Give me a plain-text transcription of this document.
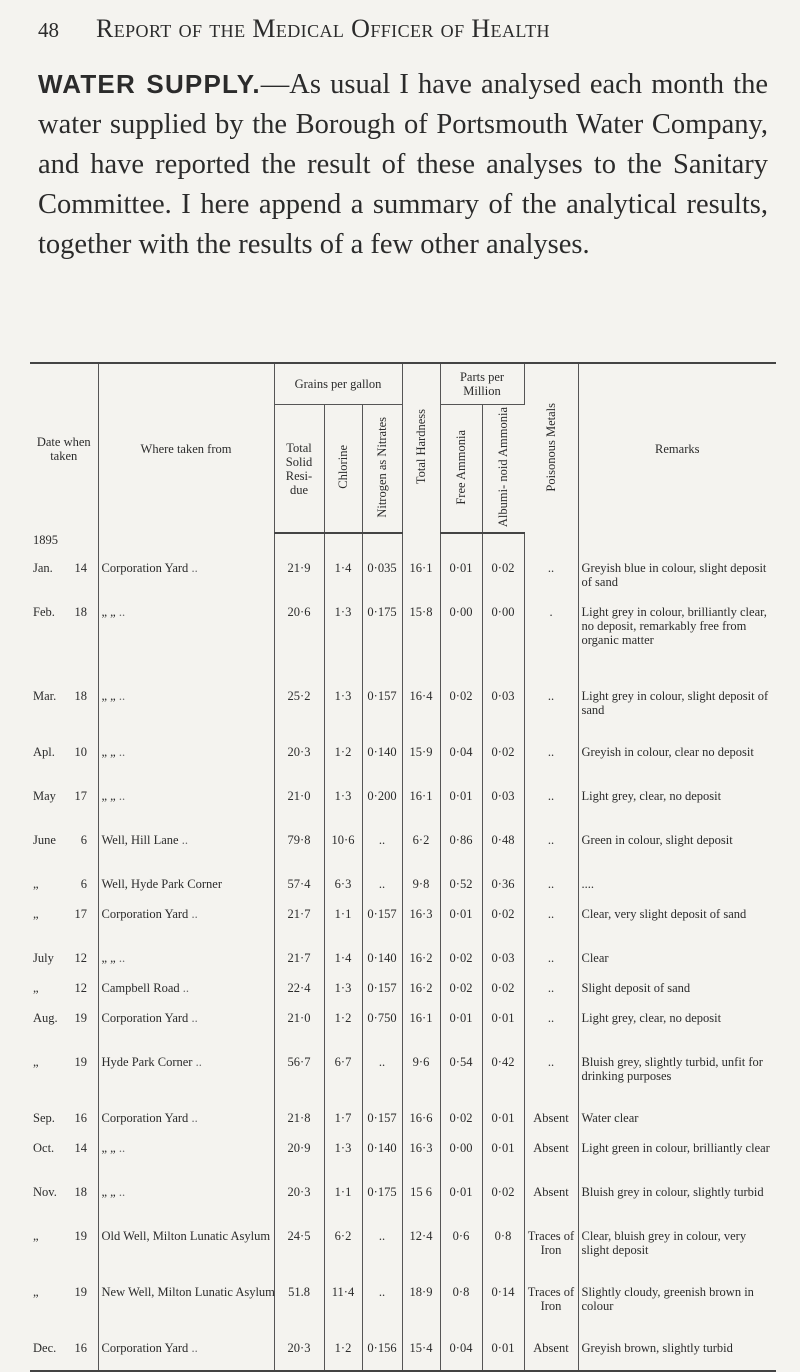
48 Report of the Medical Officer of Health

WATER SUPPLY.—As usual I have analysed each month the water supplied by the Borough of Portsmouth Water Company, and have reported the result of these analyses to the Sanitary Committee. I here append a summary of the analytical results, together with the results of a few other analyses.

Date when taken	Where taken from	Grains per gallon			Total Hardness	Parts per Million		Poisonous Metals	Remarks
		Total Solid Resi- due	Chlorine	Nitrogen as Nitrates		Free Ammonia	Albumi- noid Ammonia		
1895									
Jan. 14	Corporation Yard ..	21·9	1·4	0·035	16·1	0·01	0·02	..	Greyish blue in colour, slight deposit of sand
Feb. 18	„ „ ..	20·6	1·3	0·175	15·8	0·00	0·00	.	Light grey in colour, brilliantly clear, no deposit, remarkably free from organic matter
Mar. 18	„ „ ..	25·2	1·3	0·157	16·4	0·02	0·03	..	Light grey in colour, slight deposit of sand
Apl. 10	„ „ ..	20·3	1·2	0·140	15·9	0·04	0·02	..	Greyish in colour, clear no deposit
May 17	„ „ ..	21·0	1·3	0·200	16·1	0·01	0·03	..	Light grey, clear, no deposit
June 6	Well, Hill Lane ..	79·8	10·6	..	6·2	0·86	0·48	..	Green in colour, slight deposit
„ 6	Well, Hyde Park Corner	57·4	6·3	..	9·8	0·52	0·36	..	....
„ 17	Corporation Yard ..	21·7	1·1	0·157	16·3	0·01	0·02	..	Clear, very slight deposit of sand
July 12	„ „ ..	21·7	1·4	0·140	16·2	0·02	0·03	..	Clear
„ 12	Campbell Road ..	22·4	1·3	0·157	16·2	0·02	0·02	..	Slight deposit of sand
Aug. 19	Corporation Yard ..	21·0	1·2	0·750	16·1	0·01	0·01	..	Light grey, clear, no deposit
„ 19	Hyde Park Corner ..	56·7	6·7	..	9·6	0·54	0·42	..	Bluish grey, slightly turbid, unfit for drinking purposes
Sep. 16	Corporation Yard ..	21·8	1·7	0·157	16·6	0·02	0·01	Absent	Water clear
Oct. 14	„ „ ..	20·9	1·3	0·140	16·3	0·00	0·01	Absent	Light green in colour, brilliantly clear
Nov. 18	„ „ ..	20·3	1·1	0·175	15 6	0·01	0·02	Absent	Bluish grey in colour, slightly turbid
„ 19	Old Well, Milton Lunatic Asylum	24·5	6·2	..	12·4	0·6	0·8	Traces of Iron	Clear, bluish grey in colour, very slight deposit
„ 19	New Well, Milton Lunatic Asylum	51.8	11·4	..	18·9	0·8	0·14	Traces of Iron	Slightly cloudy, greenish brown in colour
Dec. 16	Corporation Yard ..	20·3	1·2	0·156	15·4	0·04	0·01	Absent	Greyish brown, slightly turbid
